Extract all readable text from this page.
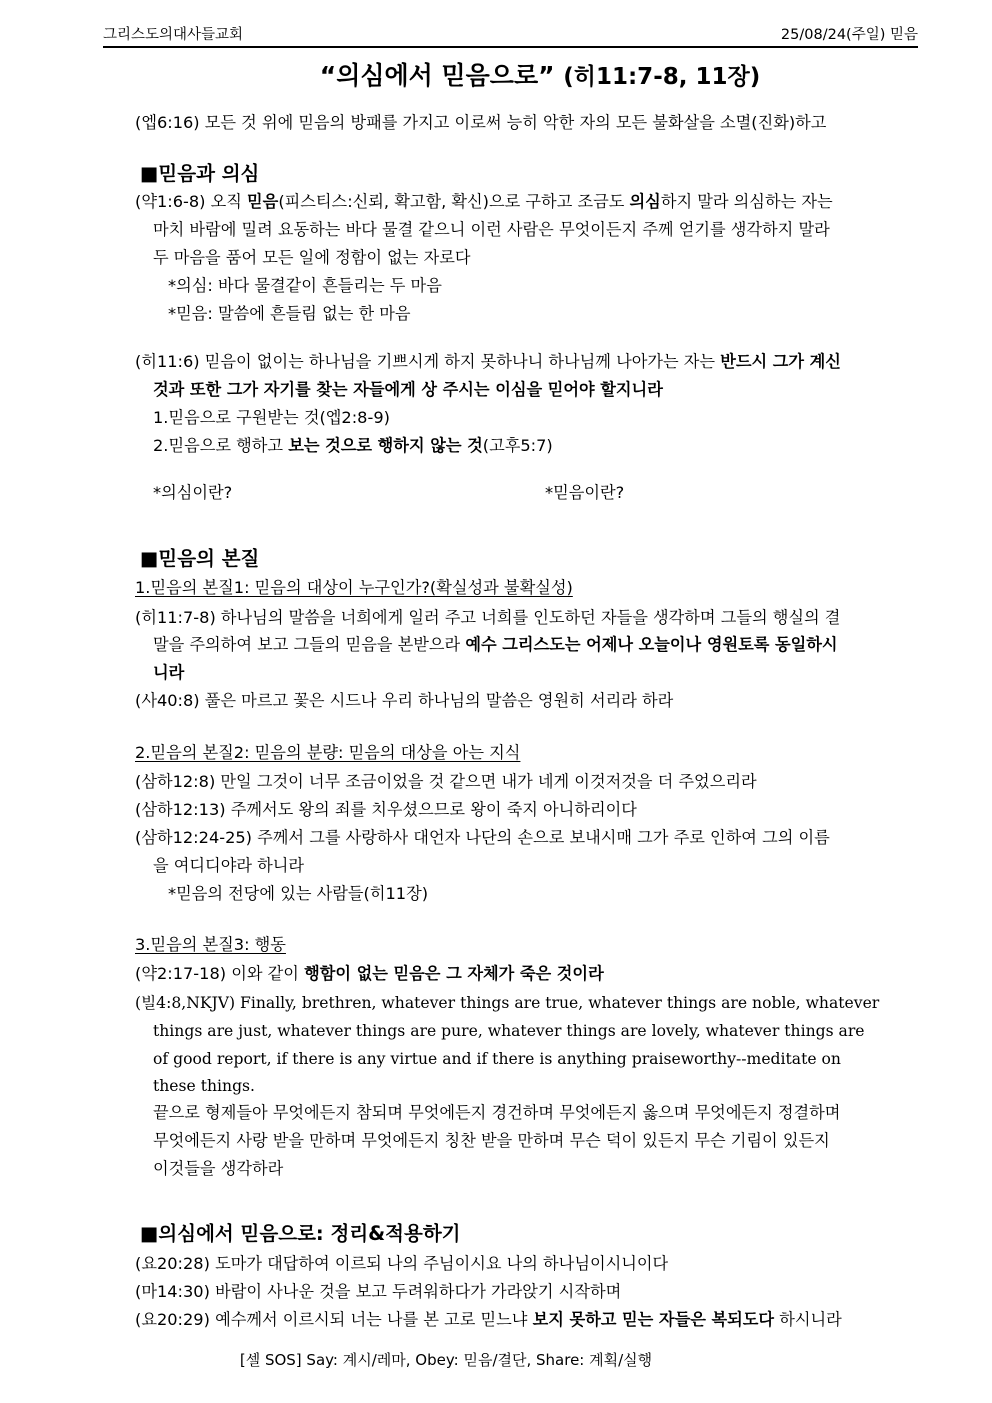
그리스도의대사들교회	25/08/24(주일) 믿음
“의심에서 믿음으로” (히11:7-8, 11장)
(엡6:16) 모든 것 위에 믿음의 방패를 가지고 이로써 능히 악한 자의 모든 불화살을 소멸(진화)하고
■믿음과 의심
(약1:6-8) 오직 믿음(피스티스:신뢰, 확고함, 확신)으로 구하고 조금도 의심하지 말라 의심하는 자는
마치 바람에 밀려 요동하는 바다 물결 같으니 이런 사람은 무엇이든지 주께 얻기를 생각하지 말라
두 마음을 품어 모든 일에 정함이 없는 자로다
*의심: 바다 물결같이 흔들리는 두 마음
*믿음: 말씀에 흔들림 없는 한 마음
(히11:6) 믿음이 없이는 하나님을 기쁘시게 하지 못하나니 하나님께 나아가는 자는 반드시 그가 계신
것과 또한 그가 자기를 찾는 자들에게 상 주시는 이심을 믿어야 할지니라
1.믿음으로 구원받는 것(엡2:8-9)
2.믿음으로 행하고 보는 것으로 행하지 않는 것(고후5:7)
*의심이란?	*믿음이란?
■믿음의 본질
1.믿음의 본질1: 믿음의 대상이 누구인가?(확실성과 불확실성)
(히11:7-8) 하나님의 말씀을 너희에게 일러 주고 너희를 인도하던 자들을 생각하며 그들의 행실의 결
말을 주의하여 보고 그들의 믿음을 본받으라 예수 그리스도는 어제나 오늘이나 영원토록 동일하시
니라
(사40:8) 풀은 마르고 꽃은 시드나 우리 하나님의 말씀은 영원히 서리라 하라
2.믿음의 본질2: 믿음의 분량: 믿음의 대상을 아는 지식
(삼하12:8) 만일 그것이 너무 조금이었을 것 같으면 내가 네게 이것저것을 더 주었으리라
(삼하12:13) 주께서도 왕의 죄를 치우셨으므로 왕이 죽지 아니하리이다
(삼하12:24-25) 주께서 그를 사랑하사 대언자 나단의 손으로 보내시매 그가 주로 인하여 그의 이름
을 여디디야라 하니라
*믿음의 전당에 있는 사람들(히11장)
3.믿음의 본질3: 행동
(약2:17-18) 이와 같이 행함이 없는 믿음은 그 자체가 죽은 것이라
(빌4:8,NKJV) Finally, brethren, whatever things are true, whatever things are noble, whatever
things are just, whatever things are pure, whatever things are lovely, whatever things are
of good report, if there is any virtue and if there is anything praiseworthy--meditate on
these things.
끝으로 형제들아 무엇에든지 참되며 무엇에든지 경건하며 무엇에든지 옳으며 무엇에든지 정결하며
무엇에든지 사랑 받을 만하며 무엇에든지 칭찬 받을 만하며 무슨 덕이 있든지 무슨 기림이 있든지
이것들을 생각하라
■의심에서 믿음으로: 정리&적용하기
(요20:28) 도마가 대답하여 이르되 나의 주님이시요 나의 하나님이시니이다
(마14:30) 바람이 사나운 것을 보고 두려워하다가 가라앉기 시작하며
(요20:29) 예수께서 이르시되 너는 나를 본 고로 믿느냐 보지 못하고 믿는 자들은 복되도다 하시니라
[셀 SOS] Say: 계시/레마, Obey: 믿음/결단, Share: 계획/실행
